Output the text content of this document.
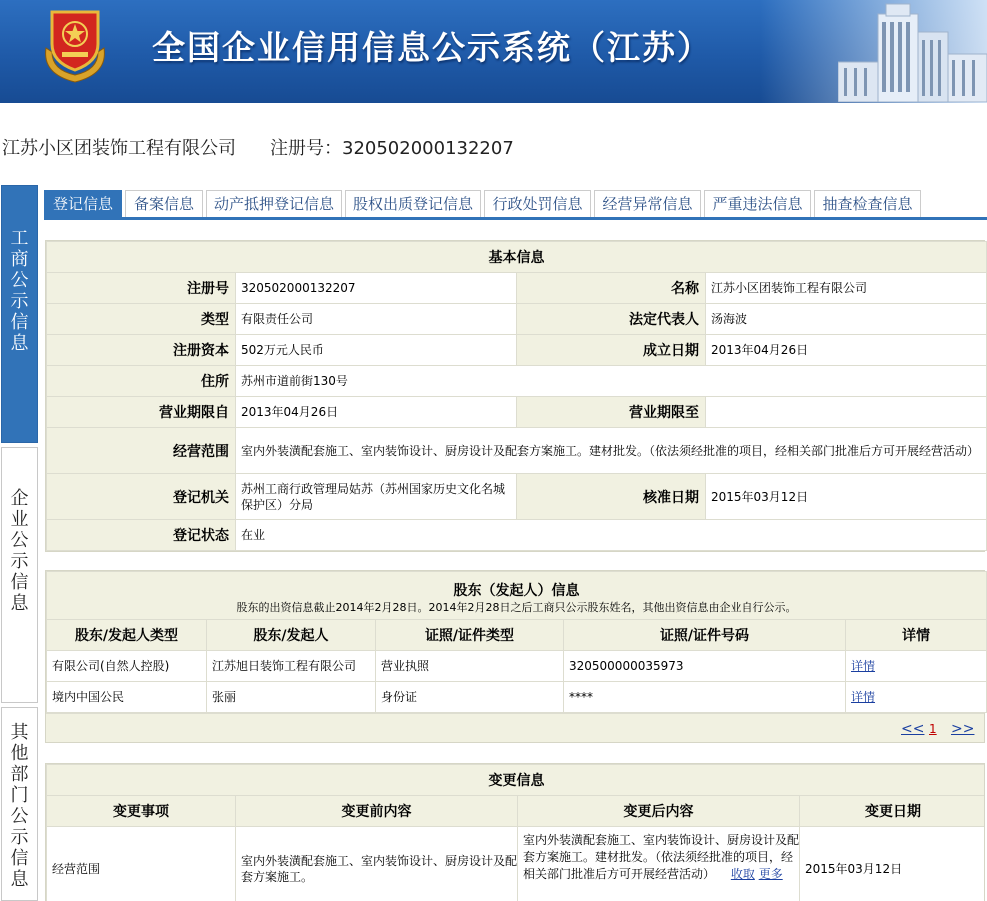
全国企业信用信息公示系统（江苏）
江苏小区团装饰工程有限公司 注册号：320502000132207
工商公示信息
企业公示信息
其他部门公示信息
登记信息	备案信息	动产抵押登记信息	股权出质登记信息	行政处罚信息	经营异常信息	严重违法信息	抽查检查信息
基本信息			
注册号	320502000132207	名称	江苏小区团装饰工程有限公司
类型	有限责任公司	法定代表人	汤海波
注册资本	502万元人民币	成立日期	2013年04月26日
住所	苏州市道前街130号		
营业期限自	2013年04月26日	营业期限至	
经营范围	室内外装潢配套施工、室内装饰设计、厨房设计及配套方案施工。建材批发。（依法须经批准的项目，经相关部门批准后方可开展经营活动）		
登记机关	苏州工商行政管理局姑苏（苏州国家历史文化名城保护区）分局	核准日期	2015年03月12日
登记状态	在业		
股东（发起人）信息
股东的出资信息截止2014年2月28日。2014年2月28日之后工商只公示股东姓名，其他出资信息由企业自行公示。				

股东/发起人类型	股东/发起人	证照/证件类型	证照/证件号码	详情
有限公司(自然人控股)	江苏旭日装饰工程有限公司	营业执照	320500000035973	详情
境内中国公民	张丽	身份证	****	详情
<< 1 >>
变更信息			
变更事项	变更前内容	变更后内容	变更日期
经营范围	室内外装潢配套施工、室内装饰设计、厨房设计及配套方案施工。	室内外装潢配套施工、室内装饰设计、厨房设计及配套方案施工。建材批发。（依法须经批准的项目，经相关部门批准后方可开展经营活动） 收取 更多	2015年03月12日
